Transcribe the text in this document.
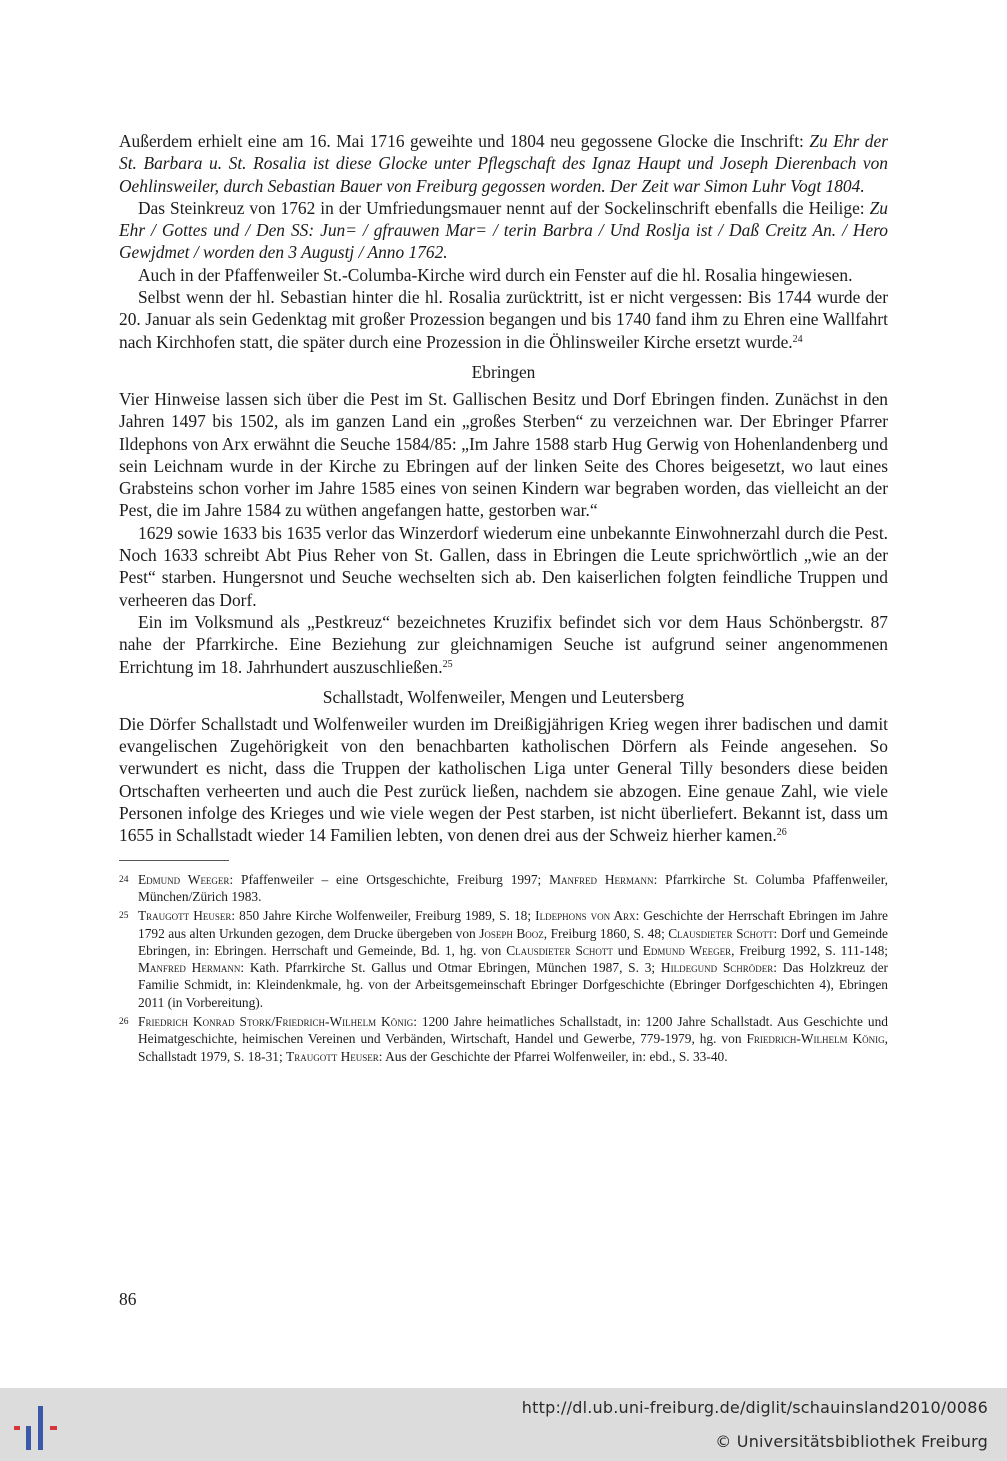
Außerdem erhielt eine am 16. Mai 1716 geweihte und 1804 neu gegossene Glocke die Inschrift: Zu Ehr der St. Barbara u. St. Rosalia ist diese Glocke unter Pflegschaft des Ignaz Haupt und Joseph Dierenbach von Oehlinsweiler, durch Sebastian Bauer von Freiburg gegossen worden. Der Zeit war Simon Luhr Vogt 1804.

Das Steinkreuz von 1762 in der Umfriedungsmauer nennt auf der Sockelinschrift ebenfalls die Heilige: Zu Ehr / Gottes und / Den SS: Jun= / gfrauwen Mar= / terin Barbra / Und Roslja ist / Daß Creitz An. / Hero Gewjdmet / worden den 3 Augustj / Anno 1762.

Auch in der Pfaffenweiler St.-Columba-Kirche wird durch ein Fenster auf die hl. Rosalia hingewiesen.

Selbst wenn der hl. Sebastian hinter die hl. Rosalia zurücktritt, ist er nicht vergessen: Bis 1744 wurde der 20. Januar als sein Gedenktag mit großer Prozession begangen und bis 1740 fand ihm zu Ehren eine Wallfahrt nach Kirchhofen statt, die später durch eine Prozession in die Öhlinsweiler Kirche ersetzt wurde.$^{24}$

Ebringen

Vier Hinweise lassen sich über die Pest im St. Gallischen Besitz und Dorf Ebringen finden. Zunächst in den Jahren 1497 bis 1502, als im ganzen Land ein „großes Sterben“ zu verzeichnen war. Der Ebringer Pfarrer Ildephons von Arx erwähnt die Seuche 1584/85: „Im Jahre 1588 starb Hug Gerwig von Hohenlandenberg und sein Leichnam wurde in der Kirche zu Ebringen auf der linken Seite des Chores beigesetzt, wo laut eines Grabsteins schon vorher im Jahre 1585 eines von seinen Kindern war begraben worden, das vielleicht an der Pest, die im Jahre 1584 zu wüthen angefangen hatte, gestorben war.“

1629 sowie 1633 bis 1635 verlor das Winzerdorf wiederum eine unbekannte Einwohnerzahl durch die Pest. Noch 1633 schreibt Abt Pius Reher von St. Gallen, dass in Ebringen die Leute sprichwörtlich „wie an der Pest“ starben. Hungersnot und Seuche wechselten sich ab. Den kaiserlichen folgten feindliche Truppen und verheeren das Dorf.

Ein im Volksmund als „Pestkreuz“ bezeichnetes Kruzifix befindet sich vor dem Haus Schönbergstr. 87 nahe der Pfarrkirche. Eine Beziehung zur gleichnamigen Seuche ist aufgrund seiner angenommenen Errichtung im 18. Jahrhundert auszuschließen.$^{25}$

Schallstadt, Wolfenweiler, Mengen und Leutersberg

Die Dörfer Schallstadt und Wolfenweiler wurden im Dreißigjährigen Krieg wegen ihrer badischen und damit evangelischen Zugehörigkeit von den benachbarten katholischen Dörfern als Feinde angesehen. So verwundert es nicht, dass die Truppen der katholischen Liga unter General Tilly besonders diese beiden Ortschaften verheerten und auch die Pest zurück ließen, nachdem sie abzogen. Eine genaue Zahl, wie viele Personen infolge des Krieges und wie viele wegen der Pest starben, ist nicht überliefert. Bekannt ist, dass um 1655 in Schallstadt wieder 14 Familien lebten, von denen drei aus der Schweiz hierher kamen.$^{26}$

24 Edmund Weeger: Pfaffenweiler – eine Ortsgeschichte, Freiburg 1997; Manfred Hermann: Pfarrkirche St. Columba Pfaffenweiler, München/Zürich 1983.
25 Traugott Heuser: 850 Jahre Kirche Wolfenweiler, Freiburg 1989, S. 18; Ildephons von Arx: Geschichte der Herrschaft Ebringen im Jahre 1792 aus alten Urkunden gezogen, dem Drucke übergeben von Joseph Booz, Freiburg 1860, S. 48; Clausdieter Schott: Dorf und Gemeinde Ebringen, in: Ebringen. Herrschaft und Gemeinde, Bd. 1, hg. von Clausdieter Schott und Edmund Weeger, Freiburg 1992, S. 111-148; Manfred Hermann: Kath. Pfarrkirche St. Gallus und Otmar Ebringen, München 1987, S. 3; Hildegund Schröder: Das Holzkreuz der Familie Schmidt, in: Kleindenkmale, hg. von der Arbeitsgemeinschaft Ebringer Dorfgeschichte (Ebringer Dorfgeschichten 4), Ebringen 2011 (in Vorbereitung).
26 Friedrich Konrad Stork/Friedrich-Wilhelm König: 1200 Jahre heimatliches Schallstadt, in: 1200 Jahre Schallstadt. Aus Geschichte und Heimatgeschichte, heimischen Vereinen und Verbänden, Wirtschaft, Handel und Gewerbe, 779-1979, hg. von Friedrich-Wilhelm König, Schallstadt 1979, S. 18-31; Traugott Heuser: Aus der Geschichte der Pfarrei Wolfenweiler, in: ebd., S. 33-40.
86
http://dl.ub.uni-freiburg.de/diglit/schauinsland2010/0086
© Universitätsbibliothek Freiburg
